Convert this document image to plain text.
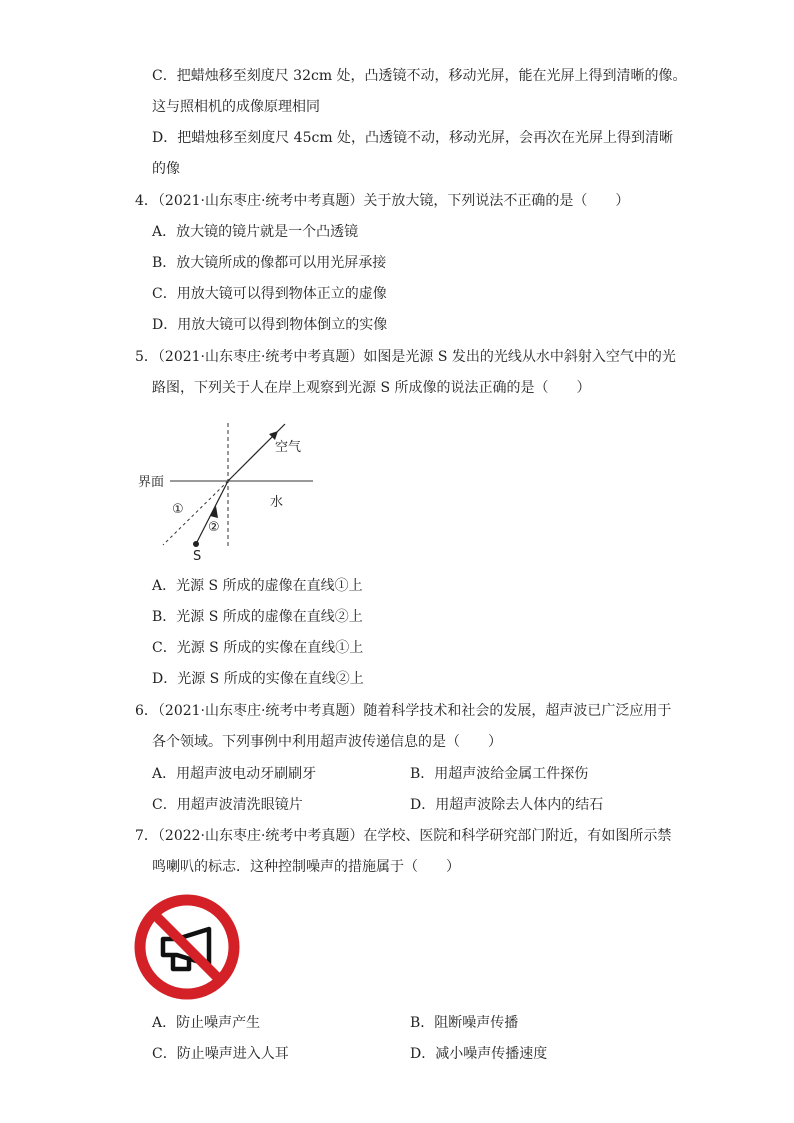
C．把蜡烛移至刻度尺 32cm 处，凸透镜不动，移动光屏，能在光屏上得到清晰的像。
这与照相机的成像原理相同
D．把蜡烛移至刻度尺 45cm 处，凸透镜不动，移动光屏，会再次在光屏上得到清晰
的像
4．（2021·山东枣庄·统考中考真题）关于放大镜，下列说法不正确的是（　　）
A．放大镜的镜片就是一个凸透镜
B．放大镜所成的像都可以用光屏承接
C．用放大镜可以得到物体正立的虚像
D．用放大镜可以得到物体倒立的实像
5．（2021·山东枣庄·统考中考真题）如图是光源 S 发出的光线从水中斜射入空气中的光
路图，下列关于人在岸上观察到光源 S 所成像的说法正确的是（　　）
空气
界面
水
①
②
S
A．光源 S 所成的虚像在直线①上
B．光源 S 所成的虚像在直线②上
C．光源 S 所成的实像在直线①上
D．光源 S 所成的实像在直线②上
6．（2021·山东枣庄·统考中考真题）随着科学技术和社会的发展，超声波已广泛应用于
各个领域。下列事例中利用超声波传递信息的是（　　）
A．用超声波电动牙刷刷牙	B．用超声波给金属工件探伤
C．用超声波清洗眼镜片	D．用超声波除去人体内的结石
7．（2022·山东枣庄·统考中考真题）在学校、医院和科学研究部门附近，有如图所示禁
鸣喇叭的标志．这种控制噪声的措施属于（　　）
A．防止噪声产生	B．阻断噪声传播
C．防止噪声进入人耳	D．减小噪声传播速度
